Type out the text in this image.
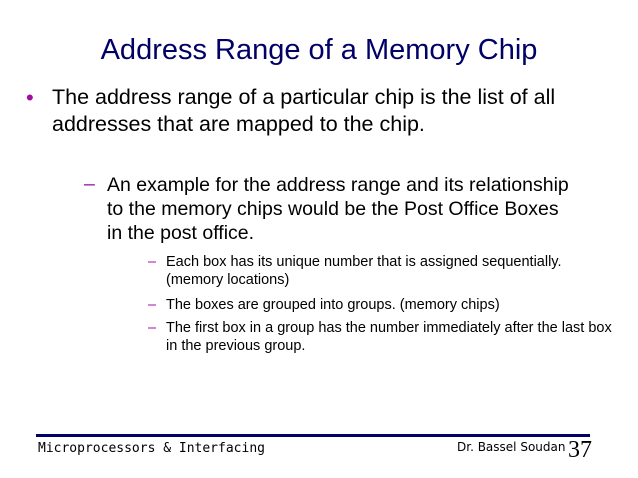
Address Range of a Memory Chip
• The address range of a particular chip is the list of all addresses that are mapped to the chip.
– An example for the address range and its relationship to the memory chips would be the Post Office Boxes in the post office.
– Each box has its unique number that is assigned sequentially. (memory locations)
– The boxes are grouped into groups. (memory chips)
– The first box in a group has the number immediately after the last box in the previous group.
Microprocessors & Interfacing	Dr. Bassel Soudan 37
